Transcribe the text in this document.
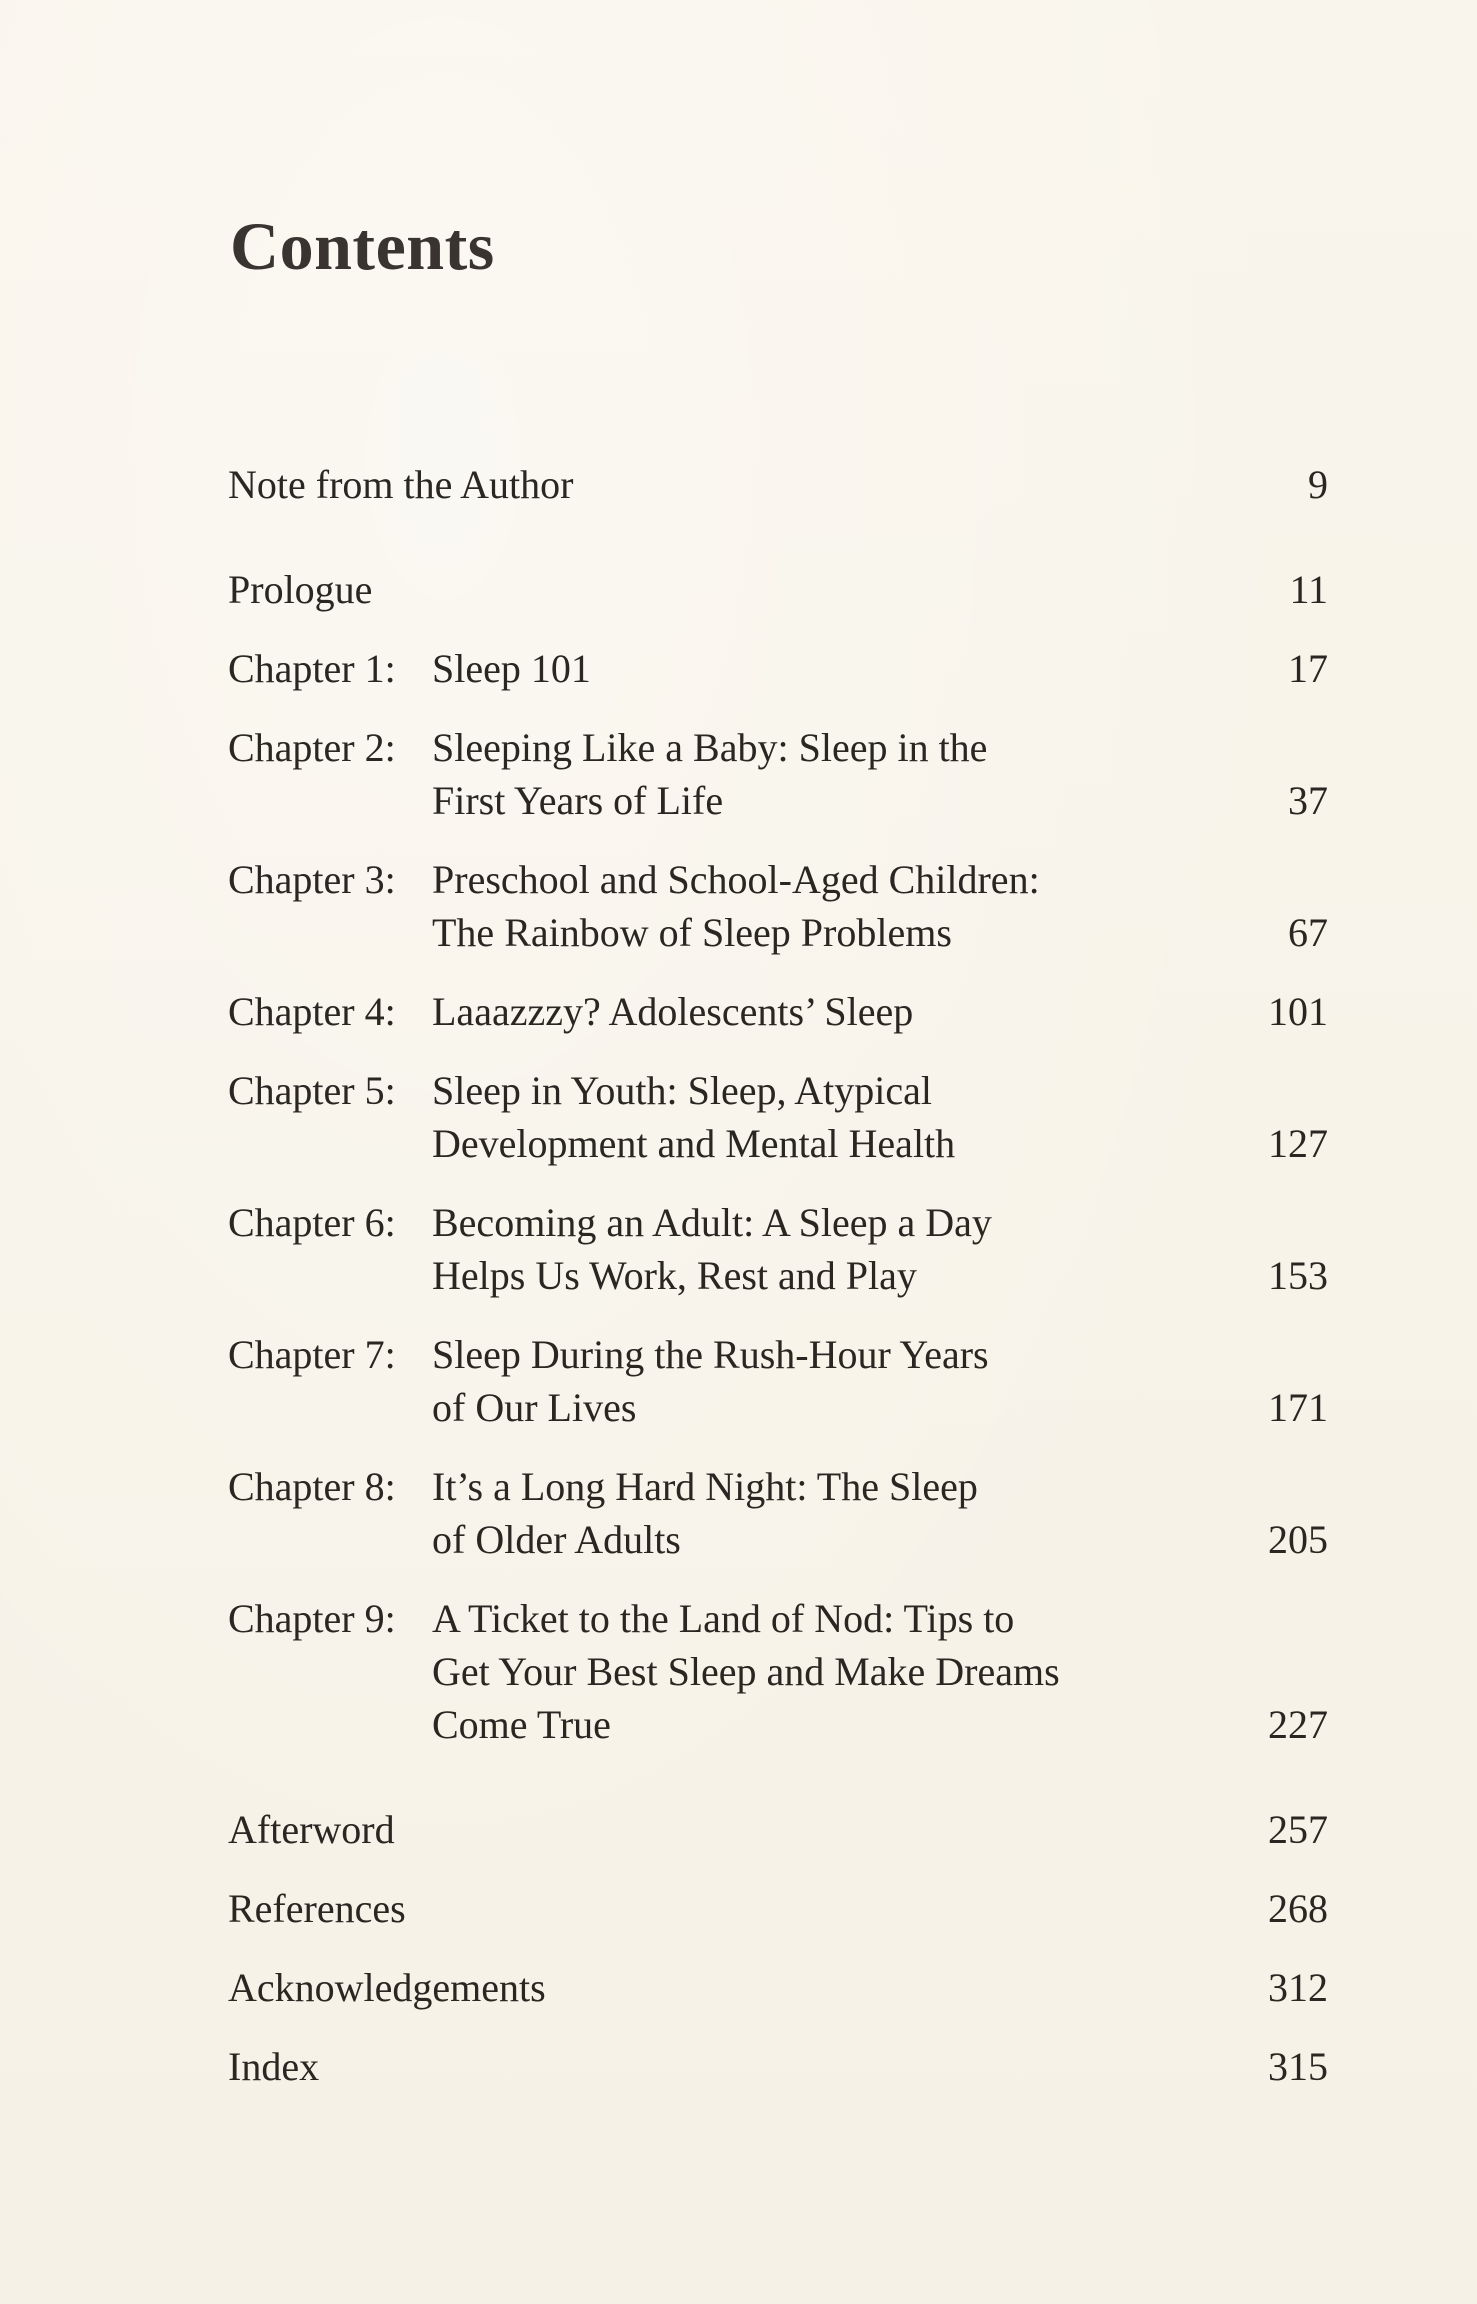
Contents
Note from the Author	9
Prologue	11
Chapter 1: Sleep 101	17
Chapter 2: Sleeping Like a Baby: Sleep in the
First Years of Life	37
Chapter 3: Preschool and School-Aged Children:
The Rainbow of Sleep Problems	67
Chapter 4: Laaazzzy? Adolescents’ Sleep	101
Chapter 5: Sleep in Youth: Sleep, Atypical
Development and Mental Health	127
Chapter 6: Becoming an Adult: A Sleep a Day
Helps Us Work, Rest and Play	153
Chapter 7: Sleep During the Rush-Hour Years
of Our Lives	171
Chapter 8: It’s a Long Hard Night: The Sleep
of Older Adults	205
Chapter 9: A Ticket to the Land of Nod: Tips to
Get Your Best Sleep and Make Dreams
Come True	227
Afterword	257
References	268
Acknowledgements	312
Index	315
